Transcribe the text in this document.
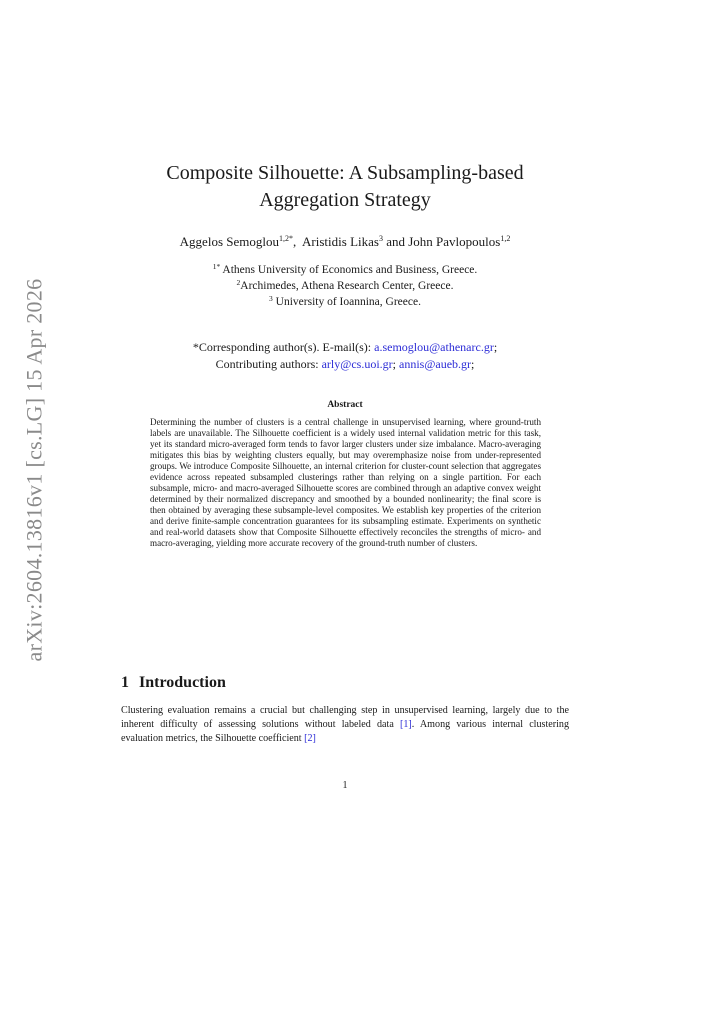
arXiv:2604.13816v1 [cs.LG] 15 Apr 2026
Composite Silhouette: A Subsampling-based
Aggregation Strategy
Aggelos Semoglou$^{1,2*}$,  Aristidis Likas$^3$ and John Pavlopoulos$^{1,2}$
$^{1*}$ Athens University of Economics and Business, Greece.
$^2$Archimedes, Athena Research Center, Greece.
$^3$ University of Ioannina, Greece.
*Corresponding author(s). E-mail(s): a.semoglou@athenarc.gr;
Contributing authors: arly@cs.uoi.gr; annis@aueb.gr;
Abstract

Determining the number of clusters is a central challenge in unsupervised learning, where ground-truth labels are unavailable. The Silhouette coefficient is a widely used internal validation metric for this task, yet its standard micro-averaged form tends to favor larger clusters under size imbalance. Macro-averaging mitigates this bias by weighting clusters equally, but may overemphasize noise from under-represented groups. We introduce Composite Silhouette, an internal criterion for cluster-count selection that aggregates evidence across repeated subsampled clusterings rather than relying on a single partition. For each subsample, micro- and macro-averaged Silhouette scores are combined through an adaptive convex weight determined by their normalized discrepancy and smoothed by a bounded nonlinearity; the final score is then obtained by averaging these subsample-level composites. We establish key properties of the criterion and derive finite-sample concentration guarantees for its subsampling estimate. Experiments on synthetic and real-world datasets show that Composite Silhouette effectively reconciles the strengths of micro- and macro-averaging, yielding more accurate recovery of the ground-truth number of clusters.

1 Introduction

Clustering evaluation remains a crucial but challenging step in unsupervised learning, largely due to the inherent difficulty of assessing solutions without labeled data [1]. Among various internal clustering evaluation metrics, the Silhouette coefficient [2]

1
